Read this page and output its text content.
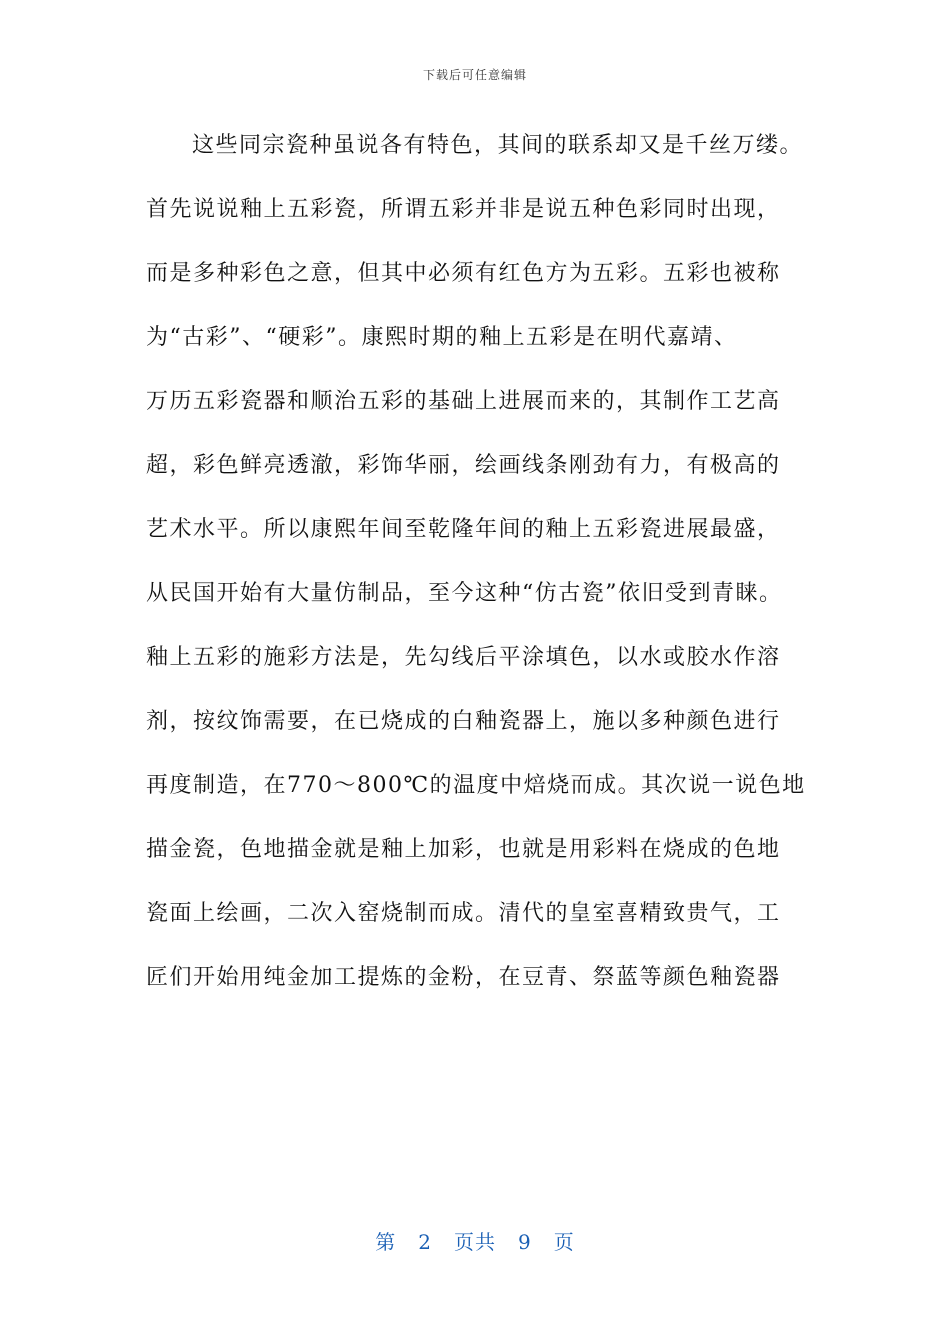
下载后可任意编辑
这些同宗瓷种虽说各有特色，其间的联系却又是千丝万缕。
首先说说釉上五彩瓷，所谓五彩并非是说五种色彩同时出现，
而是多种彩色之意，但其中必须有红色方为五彩。五彩也被称
为“古彩”、“硬彩”。康熙时期的釉上五彩是在明代嘉靖、
万历五彩瓷器和顺治五彩的基础上进展而来的，其制作工艺高
超，彩色鲜亮透澈，彩饰华丽，绘画线条刚劲有力，有极高的
艺术水平。所以康熙年间至乾隆年间的釉上五彩瓷进展最盛，
从民国开始有大量仿制品，至今这种“仿古瓷”依旧受到青睐。
釉上五彩的施彩方法是，先勾线后平涂填色，以水或胶水作溶
剂，按纹饰需要，在已烧成的白釉瓷器上，施以多种颜色进行
再度制造，在770～800℃的温度中焙烧而成。其次说一说色地
描金瓷，色地描金就是釉上加彩，也就是用彩料在烧成的色地
瓷面上绘画，二次入窑烧制而成。清代的皇室喜精致贵气，工
匠们开始用纯金加工提炼的金粉，在豆青、祭蓝等颜色釉瓷器
第 2 页共 9 页
